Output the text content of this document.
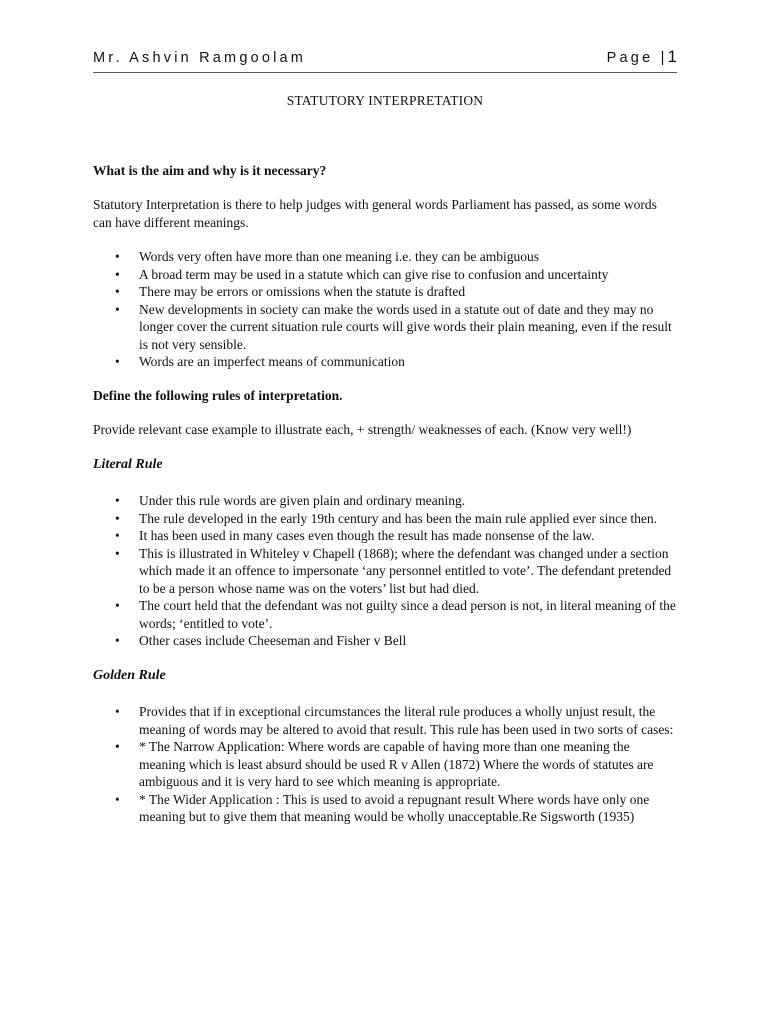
Mr. Ashvin Ramgoolam	Page |1

STATUTORY INTERPRETATION

What is the aim and why is it necessary?

Statutory Interpretation is there to help judges with general words Parliament has passed, as some words can have different meanings.

• Words very often have more than one meaning i.e. they can be ambiguous
• A broad term may be used in a statute which can give rise to confusion and uncertainty
• There may be errors or omissions when the statute is drafted
• New developments in society can make the words used in a statute out of date and they may no longer cover the current situation rule courts will give words their plain meaning, even if the result is not very sensible.
• Words are an imperfect means of communication
Define the following rules of interpretation.

Provide relevant case example to illustrate each, + strength/ weaknesses of each. (Know very well!)

Literal Rule
• Under this rule words are given plain and ordinary meaning.
• The rule developed in the early 19th century and has been the main rule applied ever since then.
• It has been used in many cases even though the result has made nonsense of the law.
• This is illustrated in Whiteley v Chapell (1868); where the defendant was changed under a section which made it an offence to impersonate ‘any personnel entitled to vote’. The defendant pretended to be a person whose name was on the voters’ list but had died.
• The court held that the defendant was not guilty since a dead person is not, in literal meaning of the words; ‘entitled to vote’.
• Other cases include Cheeseman and Fisher v Bell
Golden Rule
• Provides that if in exceptional circumstances the literal rule produces a wholly unjust result, the meaning of words may be altered to avoid that result. This rule has been used in two sorts of cases:
• * The Narrow Application: Where words are capable of having more than one meaning the meaning which is least absurd should be used R v Allen (1872) Where the words of statutes are ambiguous and it is very hard to see which meaning is appropriate.
• * The Wider Application : This is used to avoid a repugnant result Where words have only one meaning but to give them that meaning would be wholly unacceptable.Re Sigsworth (1935)
